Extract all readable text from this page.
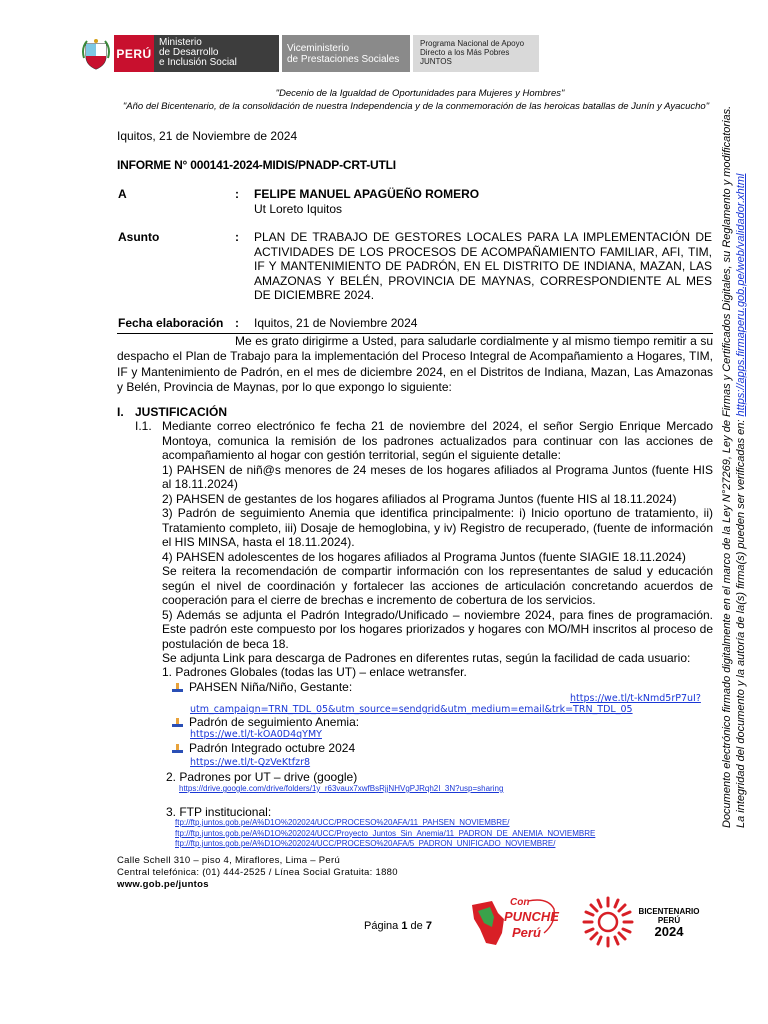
PERÚ
Ministerio
de Desarrollo
e Inclusión Social
Viceministerio
de Prestaciones Sociales
Programa Nacional de Apoyo
Directo a los Más Pobres
JUNTOS
"Decenio de la Igualdad de Oportunidades para Mujeres y Hombres"
"Año del Bicentenario, de la consolidación de nuestra Independencia y de la conmemoración de las heroicas batallas de Junín y Ayacucho"
Iquitos, 21 de Noviembre de 2024
INFORME N° 000141-2024-MIDIS/PNADP-CRT-UTLI
A	: FELIPE MANUEL APAGÜEÑO ROMERO
Ut Loreto Iquitos
Asunto	: PLAN DE TRABAJO DE GESTORES LOCALES PARA LA IMPLEMENTACIÓN DE ACTIVIDADES DE LOS PROCESOS DE ACOMPAÑAMIENTO FAMILIAR, AFI, TIM, IF Y MANTENIMIENTO DE PADRÓN, EN EL DISTRITO DE INDIANA, MAZAN, LAS AMAZONAS Y BELÉN, PROVINCIA DE MAYNAS, CORRESPONDIENTE AL MES DE DICIEMBRE 2024.
Fecha elaboración : Iquitos, 21 de Noviembre 2024
Me es grato dirigirme a Usted, para saludarle cordialmente y al mismo tiempo remitir a su despacho el Plan de Trabajo para la implementación del Proceso Integral de Acompañamiento a Hogares, TIM, IF y Mantenimiento de Padrón, en el mes de diciembre 2024, en el Distritos de Indiana, Mazan, Las Amazonas y Belén, Provincia de Maynas, por lo que expongo lo siguiente:
I. JUSTIFICACIÓN
I.1. Mediante correo electrónico fe fecha 21 de noviembre del 2024, el señor Sergio Enrique Mercado Montoya, comunica la remisión de los padrones actualizados para continuar con las acciones de acompañamiento al hogar con gestión territorial, según el siguiente detalle:
1) PAHSEN de niñ@s menores de 24 meses de los hogares afiliados al Programa Juntos (fuente HIS al 18.11.2024)
2) PAHSEN de gestantes de los hogares afiliados al Programa Juntos (fuente HIS al 18.11.2024)
3) Padrón de seguimiento Anemia que identifica principalmente: i) Inicio oportuno de tratamiento, ii) Tratamiento completo, iii) Dosaje de hemoglobina, y iv) Registro de recuperado, (fuente de información el HIS MINSA, hasta el 18.11.2024).
4) PAHSEN adolescentes de los hogares afiliados al Programa Juntos (fuente SIAGIE 18.11.2024)
Se reitera la recomendación de compartir información con los representantes de salud y educación según el nivel de coordinación y fortalecer las acciones de articulación concretando acuerdos de cooperación para el cierre de brechas e incremento de cobertura de los servicios.
5) Además se adjunta el Padrón Integrado/Unificado – noviembre 2024, para fines de programación. Este padrón este compuesto por los hogares priorizados y hogares con MO/MH inscritos al proceso de postulación de beca 18.
Se adjunta Link para descarga de Padrones en diferentes rutas, según la facilidad de cada usuario:
1. Padrones Globales (todas las UT) – enlace wetransfer.
PAHSEN Niña/Niño, Gestante:
https://we.tl/t-kNmd5rP7uI?
utm_campaign=TRN_TDL_05&utm_source=sendgrid&utm_medium=email&trk=TRN_TDL_05
Padrón de seguimiento Anemia:
https://we.tl/t-kOA0D4qYMY
Padrón Integrado octubre 2024
https://we.tl/t-QzVeKtfzr8
2. Padrones por UT – drive (google)
https://drive.google.com/drive/folders/1y_r63vaux7xwfBsRjjNHVgPJRqh2I_3N?usp=sharing
3. FTP institucional:
ftp://ftp.juntos.gob.pe/A%D1O%202024/UCC/PROCESO%20AFA/11_PAHSEN_NOVIEMBRE/
ftp://ftp.juntos.gob.pe/A%D1O%202024/UCC/Proyecto_Juntos_Sin_Anemia/11_PADRON_DE_ANEMIA_NOVIEMBRE
ftp://ftp.juntos.gob.pe/A%D1O%202024/UCC/PROCESO%20AFA/5_PADRON_UNIFICADO_NOVIEMBRE/
Calle Schell 310 – piso 4, Miraflores, Lima – Perú
Central telefónica: (01) 444-2525 / Línea Social Gratuita: 1880
www.gob.pe/juntos
Página 1 de 7
Con
PUNCHE
Perú
BICENTENARIO
PERÚ
2024
Documento electrónico firmado digitalmente en el marco de la Ley N°27269, Ley de Firmas y Certificados Digitales, su Reglamento y modificatorias. La integridad del documento y la autoría de la(s) firma(s) pueden ser verificadas en: https://apps.firmaperu.gob.pe/web/validador.xhtml
